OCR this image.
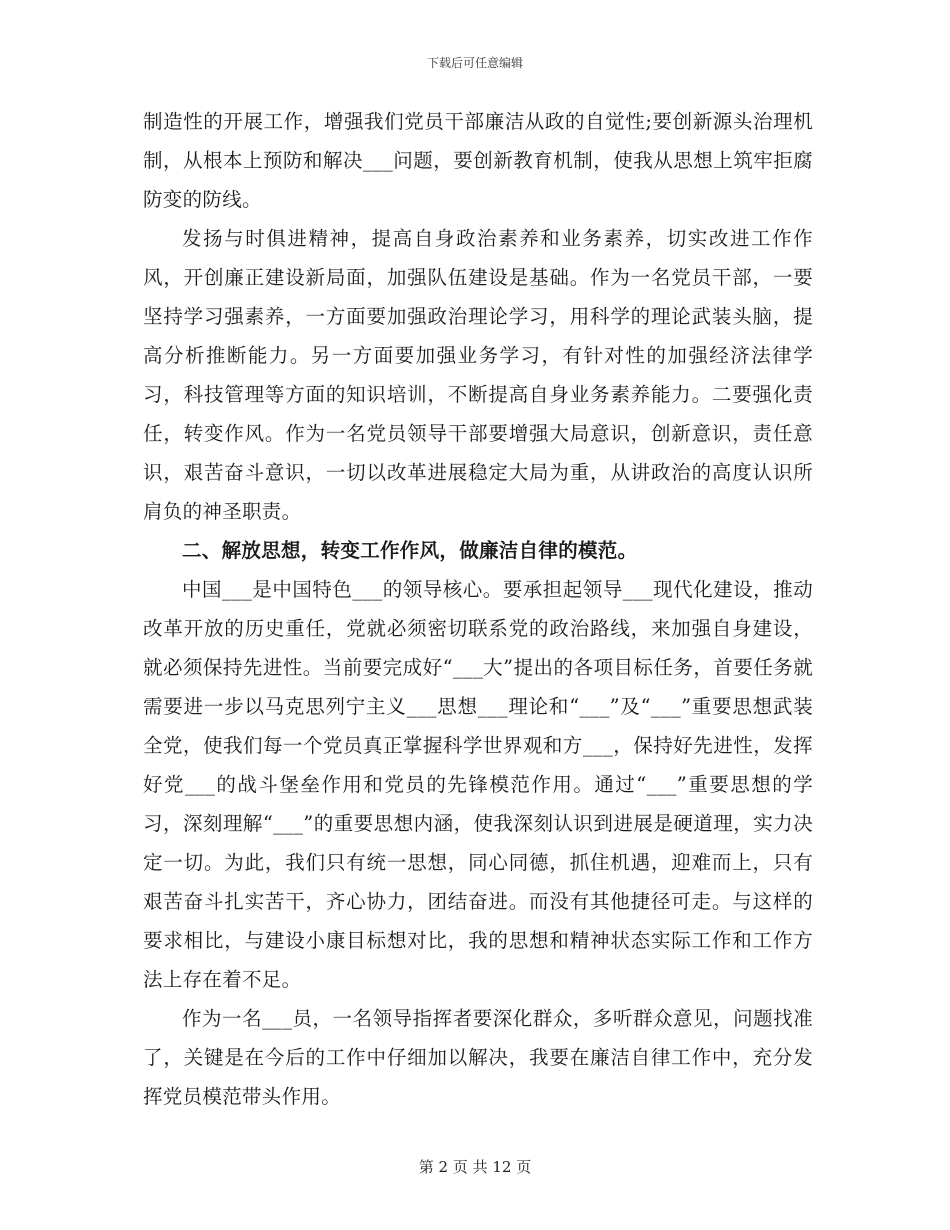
下载后可任意编辑

制造性的开展工作，增强我们党员干部廉洁从政的自觉性;要创新源头治理机制，从根本上预防和解决___问题，要创新教育机制，使我从思想上筑牢拒腐防变的防线。

发扬与时俱进精神，提高自身政治素养和业务素养，切实改进工作作风，开创廉正建设新局面，加强队伍建设是基础。作为一名党员干部，一要坚持学习强素养，一方面要加强政治理论学习，用科学的理论武装头脑，提高分析推断能力。另一方面要加强业务学习，有针对性的加强经济法律学习，科技管理等方面的知识培训，不断提高自身业务素养能力。二要强化责任，转变作风。作为一名党员领导干部要增强大局意识，创新意识，责任意识，艰苦奋斗意识，一切以改革进展稳定大局为重，从讲政治的高度认识所肩负的神圣职责。

二、解放思想，转变工作作风，做廉洁自律的模范。

中国___是中国特色___的领导核心。要承担起领导___现代化建设，推动改革开放的历史重任，党就必须密切联系党的政治路线，来加强自身建设，就必须保持先进性。当前要完成好“___大”提出的各项目标任务，首要任务就需要进一步以马克思列宁主义___思想___理论和“___”及“___”重要思想武装全党，使我们每一个党员真正掌握科学世界观和方___，保持好先进性，发挥好党___的战斗堡垒作用和党员的先锋模范作用。通过“___”重要思想的学习，深刻理解“___”的重要思想内涵，使我深刻认识到进展是硬道理，实力决定一切。为此，我们只有统一思想，同心同德，抓住机遇，迎难而上，只有艰苦奋斗扎实苦干，齐心协力，团结奋进。而没有其他捷径可走。与这样的要求相比，与建设小康目标想对比，我的思想和精神状态实际工作和工作方法上存在着不足。

作为一名___员，一名领导指挥者要深化群众，多听群众意见，问题找准了，关键是在今后的工作中仔细加以解决，我要在廉洁自律工作中，充分发挥党员模范带头作用。

第 2 页 共 12 页
